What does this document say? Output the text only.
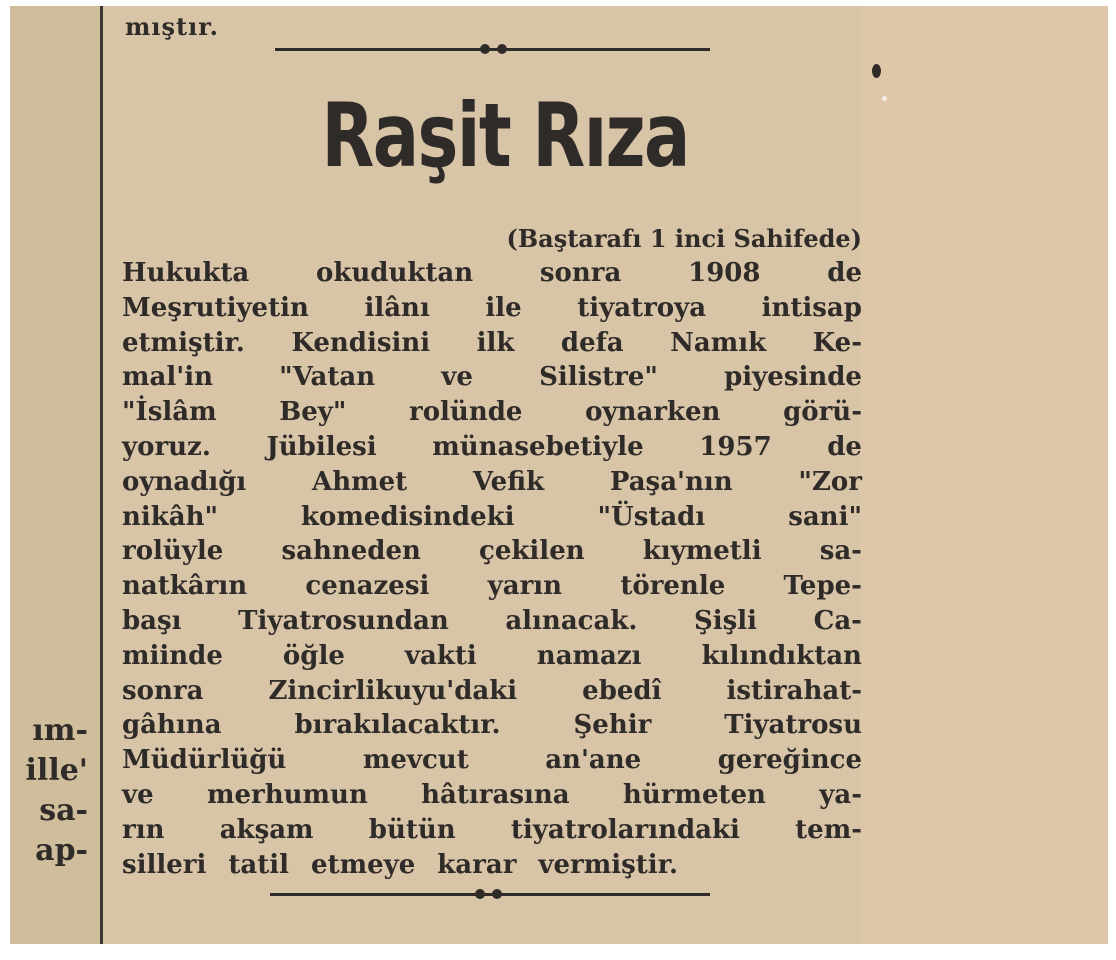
mıştır.
Raşit Rıza
(Baştarafı 1 inci Sahifede)
Hukukta	okuduktan	sonra	1908	de
Meşrutiyetin ilânı ile tiyatroya intisap
etmiştir. Kendisini ilk defa Namık Ke-
mal'in	"Vatan	ve	Silistre"	piyesinde
"İslâm Bey" rolünde oynarken görü-
yoruz. Jübilesi münasebetiyle 1957 de
oynadığı	Ahmet	Vefik	Paşa'nın	"Zor
nikâh"	komedisindeki	"Üstadı	sani"
rolüyle sahneden çekilen kıymetli sa-
natkârın cenazesi yarın törenle Tepe-
başı Tiyatrosundan alınacak. Şişli Ca-
miinde öğle vakti namazı kılındıktan
sonra	Zincirlikuyu'daki	ebedî	istirahat-
gâhına	bırakılacaktır.	Şehir	Tiyatrosu
Müdürlüğü	mevcut	an'ane	gereğince
ve merhumun hâtırasına hürmeten ya-
rın akşam bütün tiyatrolarındaki tem-
silleri tatil etmeye karar vermiştir.
ım-
ille'
sa-
ap-
